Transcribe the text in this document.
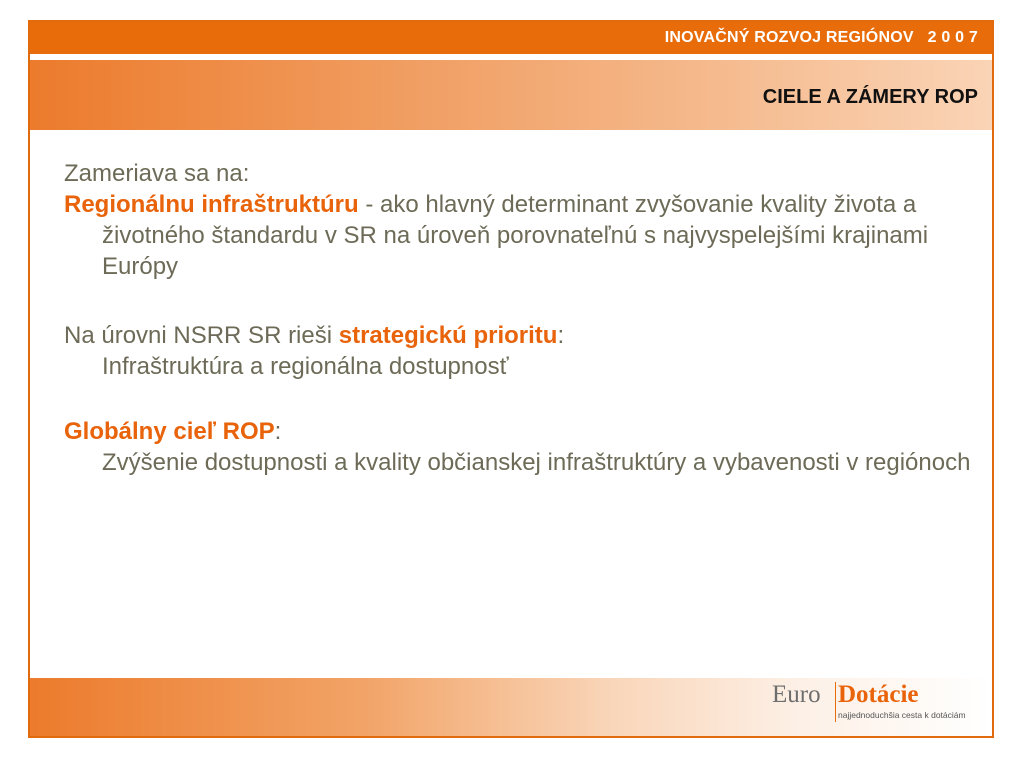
INOVAČNÝ ROZVOJ REGIÓNOV   2 0 0 7
CIELE A ZÁMERY ROP

Zameriava sa na:

Regionálnu infraštruktúru - ako hlavný determinant zvyšovanie kvality života a životného štandardu v SR na úroveň porovnateľnú s najvyspelejšími krajinami Európy

Na úrovni NSRR SR rieši strategickú prioritu:

Infraštruktúra a regionálna dostupnosť

Globálny cieľ ROP:

Zvýšenie dostupnosti a kvality občianskej infraštruktúry a vybavenosti v regiónoch

Euro Dotácie
najjednoduchšia cesta k dotáciám
